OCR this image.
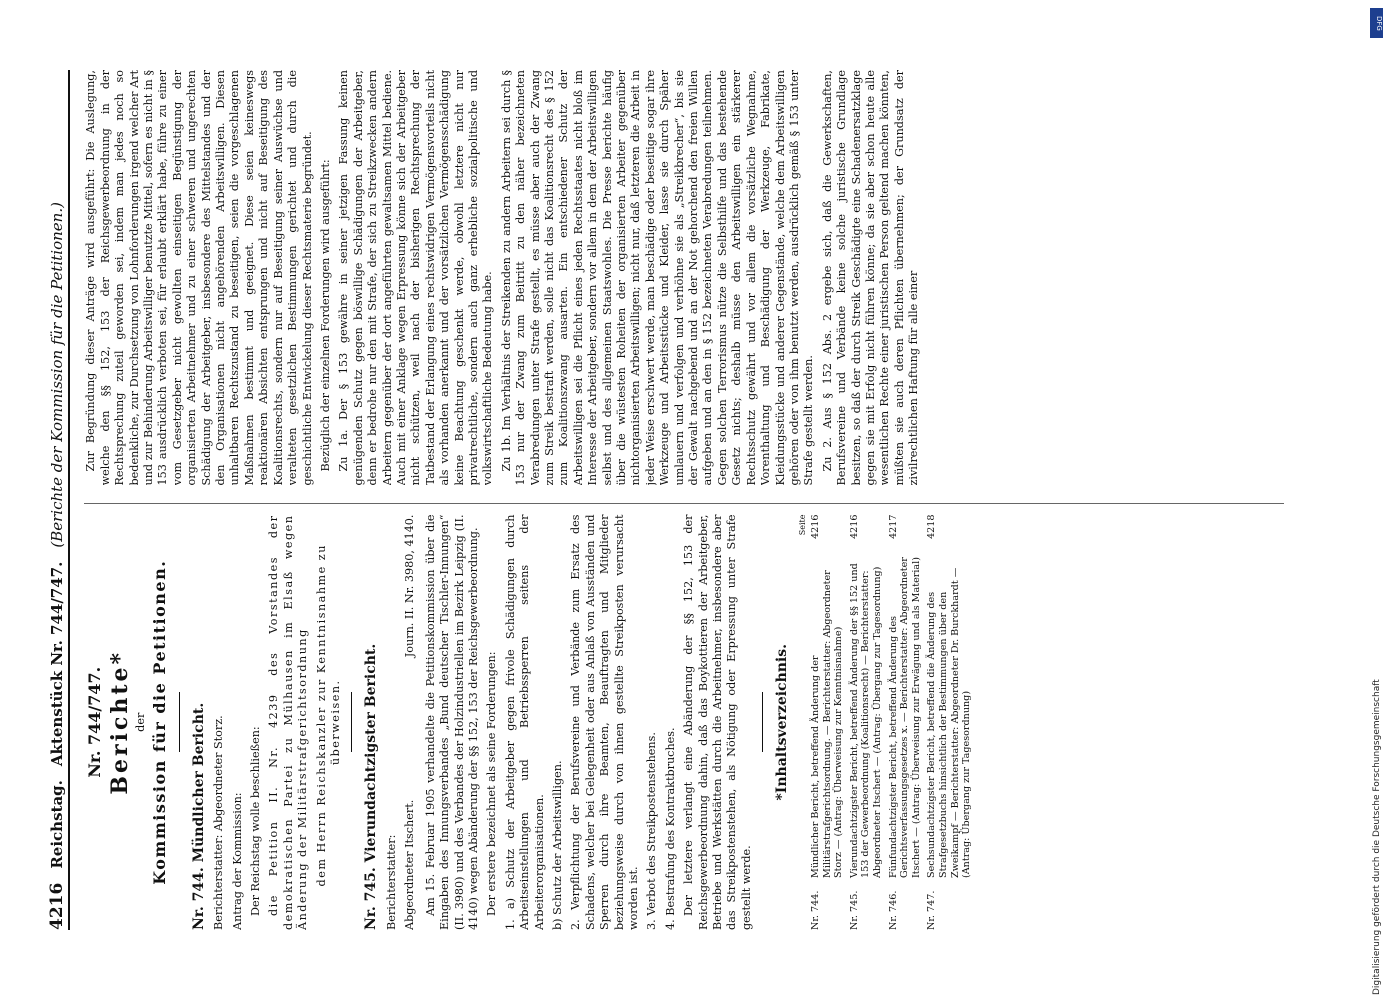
4216
Reichstag.
Aktenstück Nr. 744/747.
(Berichte der Kommission für die Petitionen.)
Nr. 744/747. Berichte* der Kommission für die Petitionen. Nr. 744. Mündlicher Bericht. Berichterstatter: Abgeordneter Storz. Antrag der Kommission: Der Reichstag wolle beschließen: die Petition II. Nr. 4239 des Vorstandes der demokratischen Partei zu Mülhausen im Elsaß wegen Änderung der Militärstrafgerichtsordnung dem Herrn Reichskanzler zur Kenntnisnahme zu überweisen. Nr. 745. Vierundachtzigster Bericht. Berichterstatter: Abgeordneter Itschert.
Journ. II. Nr. 3980, 4140. Am 15. Februar 1905 verhandelte die Petitionskommission über die Eingaben des Innungsverbandes „Bund deutscher Tischler-Innungen“ (II. 3980) und des Verbandes der Holzindustriellen im Bezirk Leipzig (II. 4140) wegen Abänderung der §§ 152, 153 der Reichsgewerbeordnung. Der erstere bezeichnet als seine Forderungen: 1. a) Schutz der Arbeitgeber gegen frivole Schädigungen durch Arbeitseinstellungen und Betriebssperren seitens der Arbeiterorganisationen. b) Schutz der Arbeitswilligen. 2. Verpflichtung der Berufsvereine und Verbände zum Ersatz des Schadens, welcher bei Gelegenheit oder aus Anlaß von Ausständen und Sperren durch ihre Beamten, Beauftragten und Mitglieder beziehungsweise durch von ihnen gestellte Streikposten verursacht worden ist. 3. Verbot des Streikpostenstehens. 4. Bestrafung des Kontraktbruches. Der letztere verlangt eine Abänderung der §§ 152, 153 der Reichsgewerbeordnung dahin, daß das Boykottieren der Arbeitgeber, Betriebe und Werkstätten durch die Arbeitnehmer, insbesondere aber das Streikpostenstehen, als Nötigung oder Erpressung unter Strafe gestellt werde.

*Inhaltsverzeichnis.
Seite
Nr. 744.
Mündlicher Bericht, betreffend Änderung der Militärstrafgerichtsordnung. — Berichterstatter: Abgeordneter Storz — (Antrag: Überweisung zur Kenntnisnahme)
4216
Nr. 745.
Vierundachtzigster Bericht, betreffend Änderung der §§ 152 und 153 der Gewerbeordnung (Koalitionsrecht) — Berichterstatter: Abgeordneter Itschert — (Antrag: Übergang zur Tagesordnung)
4216
Nr. 746.
Fünfundachtzigster Bericht, betreffend Änderung des Gerichtsverfassungsgesetzes x. — Berichterstatter: Abgeordneter Itschert — (Antrag: Überweisung zur Erwägung und als Material)
4217
Nr. 747.
Sechsundachtzigster Bericht, betreffend die Änderung des Strafgesetzbuchs hinsichtlich der Bestimmungen über den Zweikampf — Berichterstatter: Abgeordneter Dr. Burckhardt — (Antrag: Übergang zur Tagesordnung)
4218

Zur Begründung dieser Anträge wird ausgeführt: Die Auslegung, welche den §§ 152, 153 der Reichsgewerbeordnung in der Rechtsprechung zuteil geworden sei, indem man jedes noch so bedenkliche, zur Durchsetzung von Lohnforderungen irgend welcher Art und zur Behinderung Arbeitswilliger benutzte Mittel, sofern es nicht in § 153 ausdrücklich verboten sei, für erlaubt erklärt habe, führe zu einer vom Gesetzgeber nicht gewollten einseitigen Begünstigung der organisierten Arbeitnehmer und zu einer schweren und ungerechten Schädigung der Arbeitgeber, insbesondere des Mittelstandes und der den Organisationen nicht angehörenden Arbeitswilligen. Diesen unhaltbaren Rechtszustand zu beseitigen, seien die vorgeschlagenen Maßnahmen bestimmt und geeignet. Diese seien keineswegs reaktionären Absichten entsprungen und nicht auf Beseitigung des Koalitionsrechts, sondern nur auf Beseitigung seiner Auswüchse und veralteten gesetzlichen Bestimmungen gerichtet und durch die geschichtliche Entwickelung dieser Rechtsmaterie begründet. Bezüglich der einzelnen Forderungen wird ausgeführt: Zu 1a. Der § 153 gewähre in seiner jetzigen Fassung keinen genügenden Schutz gegen böswillige Schädigungen der Arbeitgeber, denn er bedrohe nur den mit Strafe, der sich zu Streikzwecken andern Arbeitern gegenüber der dort angeführten gewaltsamen Mittel bediene. Auch mit einer Anklage wegen Erpressung könne sich der Arbeitgeber nicht schützen, weil nach der bisherigen Rechtsprechung der Tatbestand der Erlangung eines rechtswidrigen Vermögensvorteils nicht als vorhanden anerkannt und der vorsätzlichen Vermögensschädigung keine Beachtung geschenkt werde, obwohl letztere nicht nur privatrechtliche, sondern auch ganz erhebliche sozialpolitische und volkswirtschaftliche Bedeutung habe. Zu 1b. Im Verhältnis der Streikenden zu andern Arbeitern sei durch § 153 nur der Zwang zum Beitritt zu den näher bezeichneten Verabredungen unter Strafe gestellt, es müsse aber auch der Zwang zum Streik bestraft werden, solle nicht das Koalitionsrecht des § 152 zum Koalitionszwang ausarten. Ein entschiedener Schutz der Arbeitswilligen sei die Pflicht eines jeden Rechtsstaates nicht bloß im Interesse der Arbeitgeber, sondern vor allem in dem der Arbeitswilligen selbst und des allgemeinen Staatswohles. Die Presse berichte häufig über die wüstesten Roheiten der organisierten Arbeiter gegenüber nichtorganisierten Arbeitswilligen; nicht nur, daß letzteren die Arbeit in jeder Weise erschwert werde, man beschädige oder beseitige sogar ihre Werkzeuge und Arbeitsstücke und Kleider, lasse sie durch Späher umlauern und verfolgen und verhöhne sie als „Streikbrecher“, bis sie der Gewalt nachgebend und an der Not gehorchend den freien Willen aufgeben und an den in § 152 bezeichneten Verabredungen teilnehmen. Gegen solchen Terrorismus nütze die Selbsthilfe und das bestehende Gesetz nichts; deshalb müsse den Arbeitswilligen ein stärkerer Rechtsschutz gewährt und vor allem die vorsätzliche Wegnahme, Vorenthaltung und Beschädigung der Werkzeuge, Fabrikate, Kleidungsstücke und anderer Gegenstände, welche dem Arbeitswilligen gehören oder von ihm benutzt werden, ausdrücklich gemäß § 153 unter Strafe gestellt werden. Zu 2. Aus § 152 Abs. 2 ergebe sich, daß die Gewerkschaften, Berufsvereine und Verbände keine solche juristische Grundlage besitzen, so daß der durch Streik Geschädigte eine Schadenersatzklage gegen sie mit Erfolg nicht führen könne; da sie aber schon heute alle wesentlichen Rechte einer juristischen Person geltend machen könnten, müßten sie auch deren Pflichten übernehmen; der Grundsatz der zivilrechtlichen Haftung für alle einer

DFG
Digitalisierung gefördert durch die Deutsche Forschungsgemeinschaft
